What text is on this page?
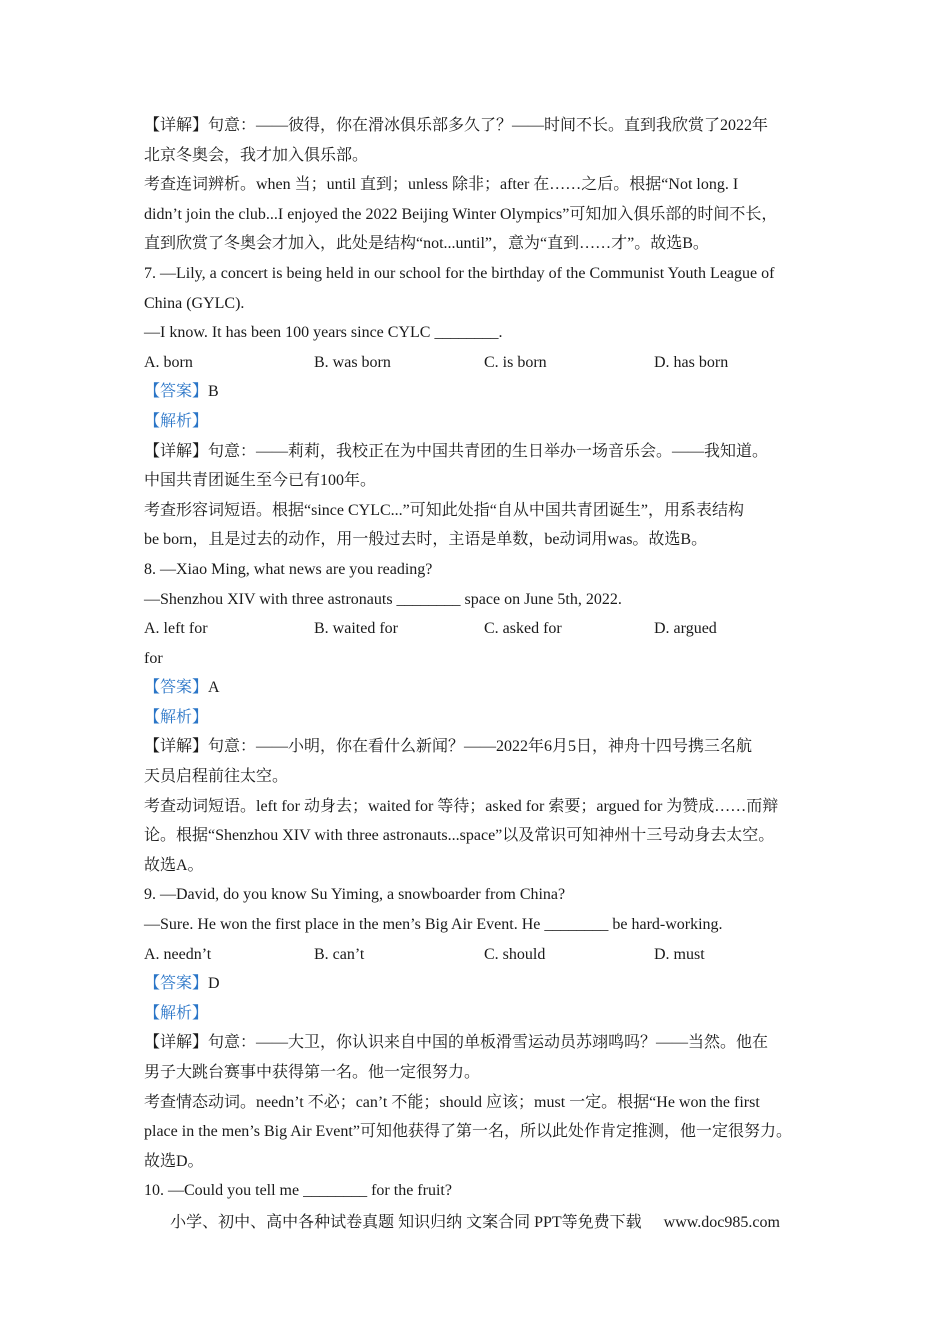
【详解】句意：——彼得，你在滑冰俱乐部多久了？——时间不长。直到我欣赏了2022年
北京冬奥会，我才加入俱乐部。
考查连词辨析。when 当；until 直到；unless 除非；after 在……之后。根据“Not long. I
didn’t join the club...I enjoyed the 2022 Beijing Winter Olympics”可知加入俱乐部的时间不长，
直到欣赏了冬奥会才加入，此处是结构“not...until”，意为“直到……才”。故选B。
7. —Lily, a concert is being held in our school for the birthday of the Communist Youth League of
China (GYLC).
—I know. It has been 100 years since CYLC ________.
A. born	B. was born	C. is born	D. has born
【答案】B
【解析】
【详解】句意：——莉莉，我校正在为中国共青团的生日举办一场音乐会。——我知道。
中国共青团诞生至今已有100年。
考查形容词短语。根据“since CYLC...”可知此处指“自从中国共青团诞生”，用系表结构
be born，且是过去的动作，用一般过去时，主语是单数，be动词用was。故选B。
8. —Xiao Ming, what news are you reading?
—Shenzhou XIV with three astronauts ________ space on June 5th, 2022.
A. left for	B. waited for	C. asked for	D. argued
for
【答案】A
【解析】
【详解】句意：——小明，你在看什么新闻？——2022年6月5日，神舟十四号携三名航
天员启程前往太空。
考查动词短语。left for 动身去；waited for 等待；asked for 索要；argued for 为赞成……而辩
论。根据“Shenzhou XIV with three astronauts...space”以及常识可知神州十三号动身去太空。
故选A。
9. —David, do you know Su Yiming, a snowboarder from China?
—Sure. He won the first place in the men’s Big Air Event. He ________ be hard-working.
A. needn’t	B. can’t	C. should	D. must
【答案】D
【解析】
【详解】句意：——大卫，你认识来自中国的单板滑雪运动员苏翊鸣吗？——当然。他在
男子大跳台赛事中获得第一名。他一定很努力。
考查情态动词。needn’t 不必；can’t 不能；should 应该；must 一定。根据“He won the first
place in the men’s Big Air Event”可知他获得了第一名，所以此处作肯定推测，他一定很努力。
故选D。
10. —Could you tell me ________ for the fruit?
小学、初中、高中各种试卷真题 知识归纳 文案合同 PPT等免费下载 www.doc985.com
